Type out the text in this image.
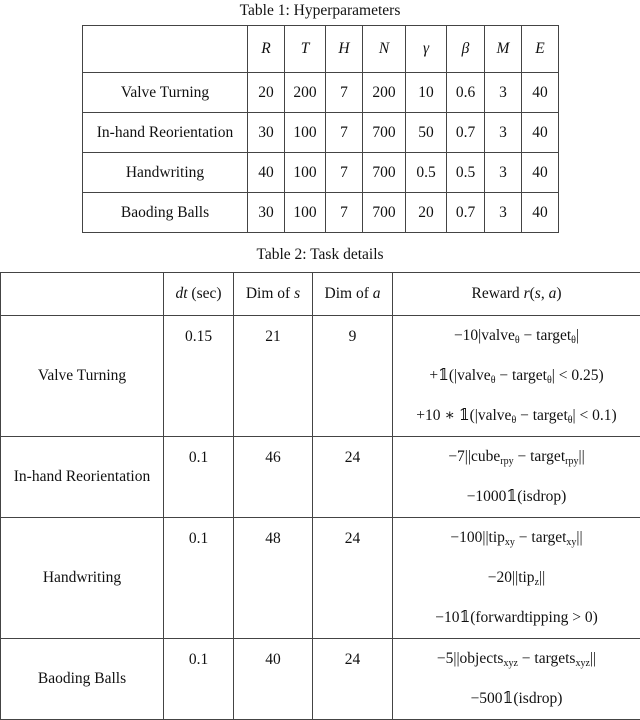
Table 1: Hyperparameters
	R	T	H	N	γ	β	M	E
Valve Turning	20	200	7	200	10	0.6	3	40
In-hand Reorientation	30	100	7	700	50	0.7	3	40
Handwriting	40	100	7	700	0.5	0.5	3	40
Baoding Balls	30	100	7	700	20	0.7	3	40
Table 2: Task details
	dt (sec)	Dim of s	Dim of a	Reward r(s, a)
Valve Turning	0.15	21	9	−10|valve$_\theta$ − target$_\theta$|
+𝟙(|valve$_\theta$ − target$_\theta$| < 0.25)
+10 ∗ 𝟙(|valve$_\theta$ − target$_\theta$| < 0.1)

In-hand Reorientation	0.1	46	24	−7||cube$_{rpy}$ − target$_{rpy}$||
−1000𝟙(isdrop)

Handwriting	0.1	48	24	−100||tip$_{xy}$ − target$_{xy}$||
−20||tip$_z$||
−10𝟙(forwardtipping > 0)

Baoding Balls	0.1	40	24	−5||objects$_{xyz}$ − targets$_{xyz}$||
−500𝟙(isdrop)
